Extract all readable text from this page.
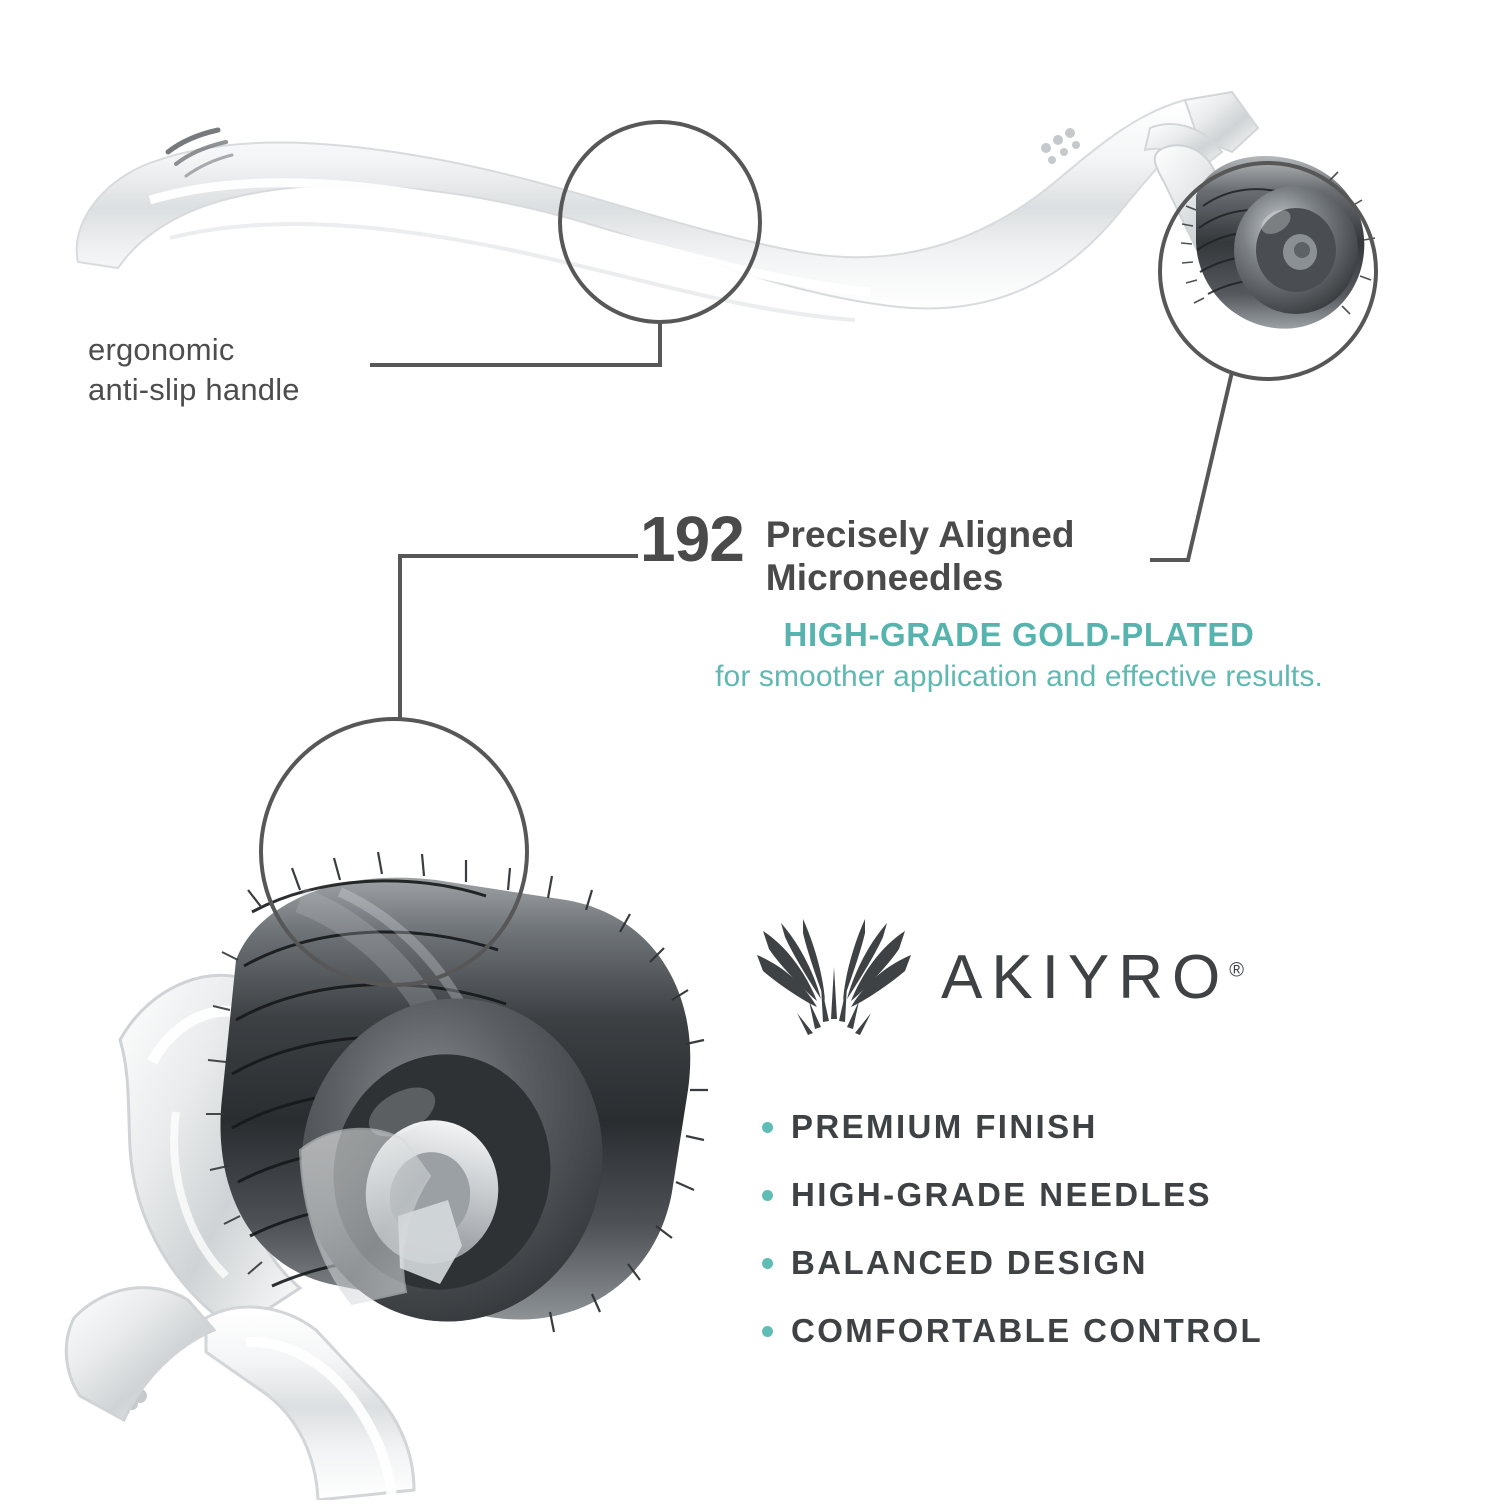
ergonomic
anti-slip handle
192 Precisely Aligned
Microneedles
HIGH-GRADE GOLD-PLATED
for smoother application and effective results.
AKIYRO®
PREMIUM FINISH
HIGH-GRADE NEEDLES
BALANCED DESIGN
COMFORTABLE CONTROL
